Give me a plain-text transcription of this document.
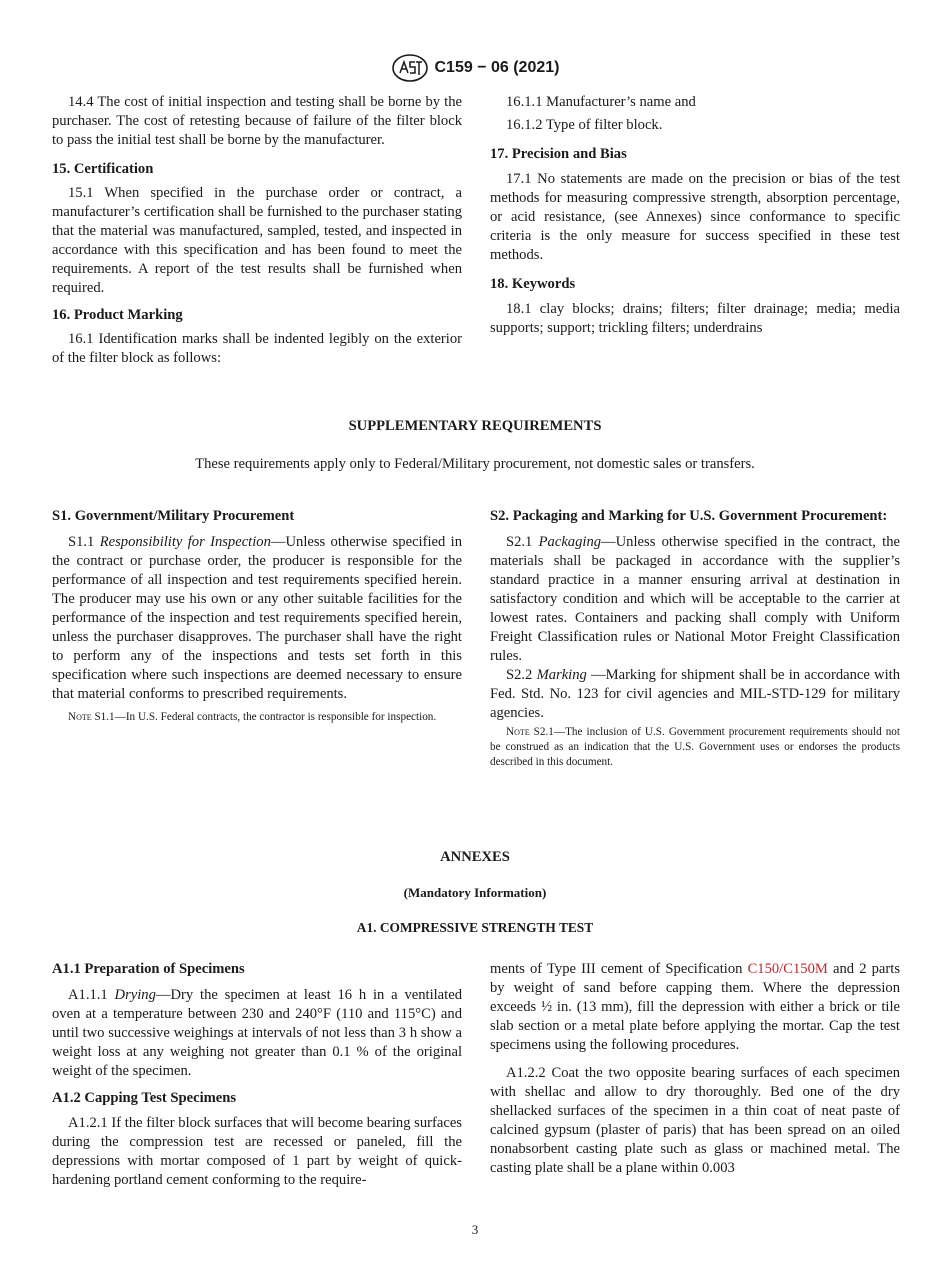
C159 − 06 (2021)

14.4 The cost of initial inspection and testing shall be borne by the purchaser. The cost of retesting because of failure of the filter block to pass the initial test shall be borne by the manufacturer.

15. Certification

15.1 When specified in the purchase order or contract, a manufacturer’s certification shall be furnished to the purchaser stating that the material was manufactured, sampled, tested, and inspected in accordance with this specification and has been found to meet the requirements. A report of the test results shall be furnished when required.

16. Product Marking

16.1 Identification marks shall be indented legibly on the exterior of the filter block as follows:

16.1.1 Manufacturer’s name and

16.1.2 Type of filter block.

17. Precision and Bias

17.1 No statements are made on the precision or bias of the test methods for measuring compressive strength, absorption percentage, or acid resistance, (see Annexes) since conformance to specific criteria is the only measure for success specified in these test methods.

18. Keywords

18.1 clay blocks; drains; filters; filter drainage; media; media supports; support; trickling filters; underdrains

SUPPLEMENTARY REQUIREMENTS
These requirements apply only to Federal/Military procurement, not domestic sales or transfers.

S1. Government/Military Procurement

S1.1 Responsibility for Inspection—Unless otherwise specified in the contract or purchase order, the producer is responsible for the performance of all inspection and test requirements specified herein. The producer may use his own or any other suitable facilities for the performance of the inspection and test requirements specified herein, unless the purchaser disapproves. The purchaser shall have the right to perform any of the inspections and tests set forth in this specification where such inspections are deemed necessary to ensure that material conforms to prescribed requirements.

Note S1.1—In U.S. Federal contracts, the contractor is responsible for inspection.

S2. Packaging and Marking for U.S. Government Procurement:

S2.1 Packaging—Unless otherwise specified in the contract, the materials shall be packaged in accordance with the supplier’s standard practice in a manner ensuring arrival at destination in satisfactory condition and which will be acceptable to the carrier at lowest rates. Containers and packing shall comply with Uniform Freight Classification rules or National Motor Freight Classification rules.

S2.2 Marking —Marking for shipment shall be in accordance with Fed. Std. No. 123 for civil agencies and MIL-STD-129 for military agencies.

Note S2.1—The inclusion of U.S. Government procurement requirements should not be construed as an indication that the U.S. Government uses or endorses the products described in this document.

ANNEXES
(Mandatory Information)
A1. COMPRESSIVE STRENGTH TEST

A1.1 Preparation of Specimens

A1.1.1 Drying—Dry the specimen at least 16 h in a ventilated oven at a temperature between 230 and 240°F (110 and 115°C) and until two successive weighings at intervals of not less than 3 h show a weight loss at any weighing not greater than 0.1 % of the original weight of the specimen.

A1.2 Capping Test Specimens

A1.2.1 If the filter block surfaces that will become bearing surfaces during the compression test are recessed or paneled, fill the depressions with mortar composed of 1 part by weight of quick-hardening portland cement conforming to the require-

ments of Type III cement of Specification C150/C150M and 2 parts by weight of sand before capping them. Where the depression exceeds ½ in. (13 mm), fill the depression with either a brick or tile slab section or a metal plate before applying the mortar. Cap the test specimens using the following procedures.

A1.2.2 Coat the two opposite bearing surfaces of each specimen with shellac and allow to dry thoroughly. Bed one of the dry shellacked surfaces of the specimen in a thin coat of neat paste of calcined gypsum (plaster of paris) that has been spread on an oiled nonabsorbent casting plate such as glass or machined metal. The casting plate shall be a plane within 0.003

3
